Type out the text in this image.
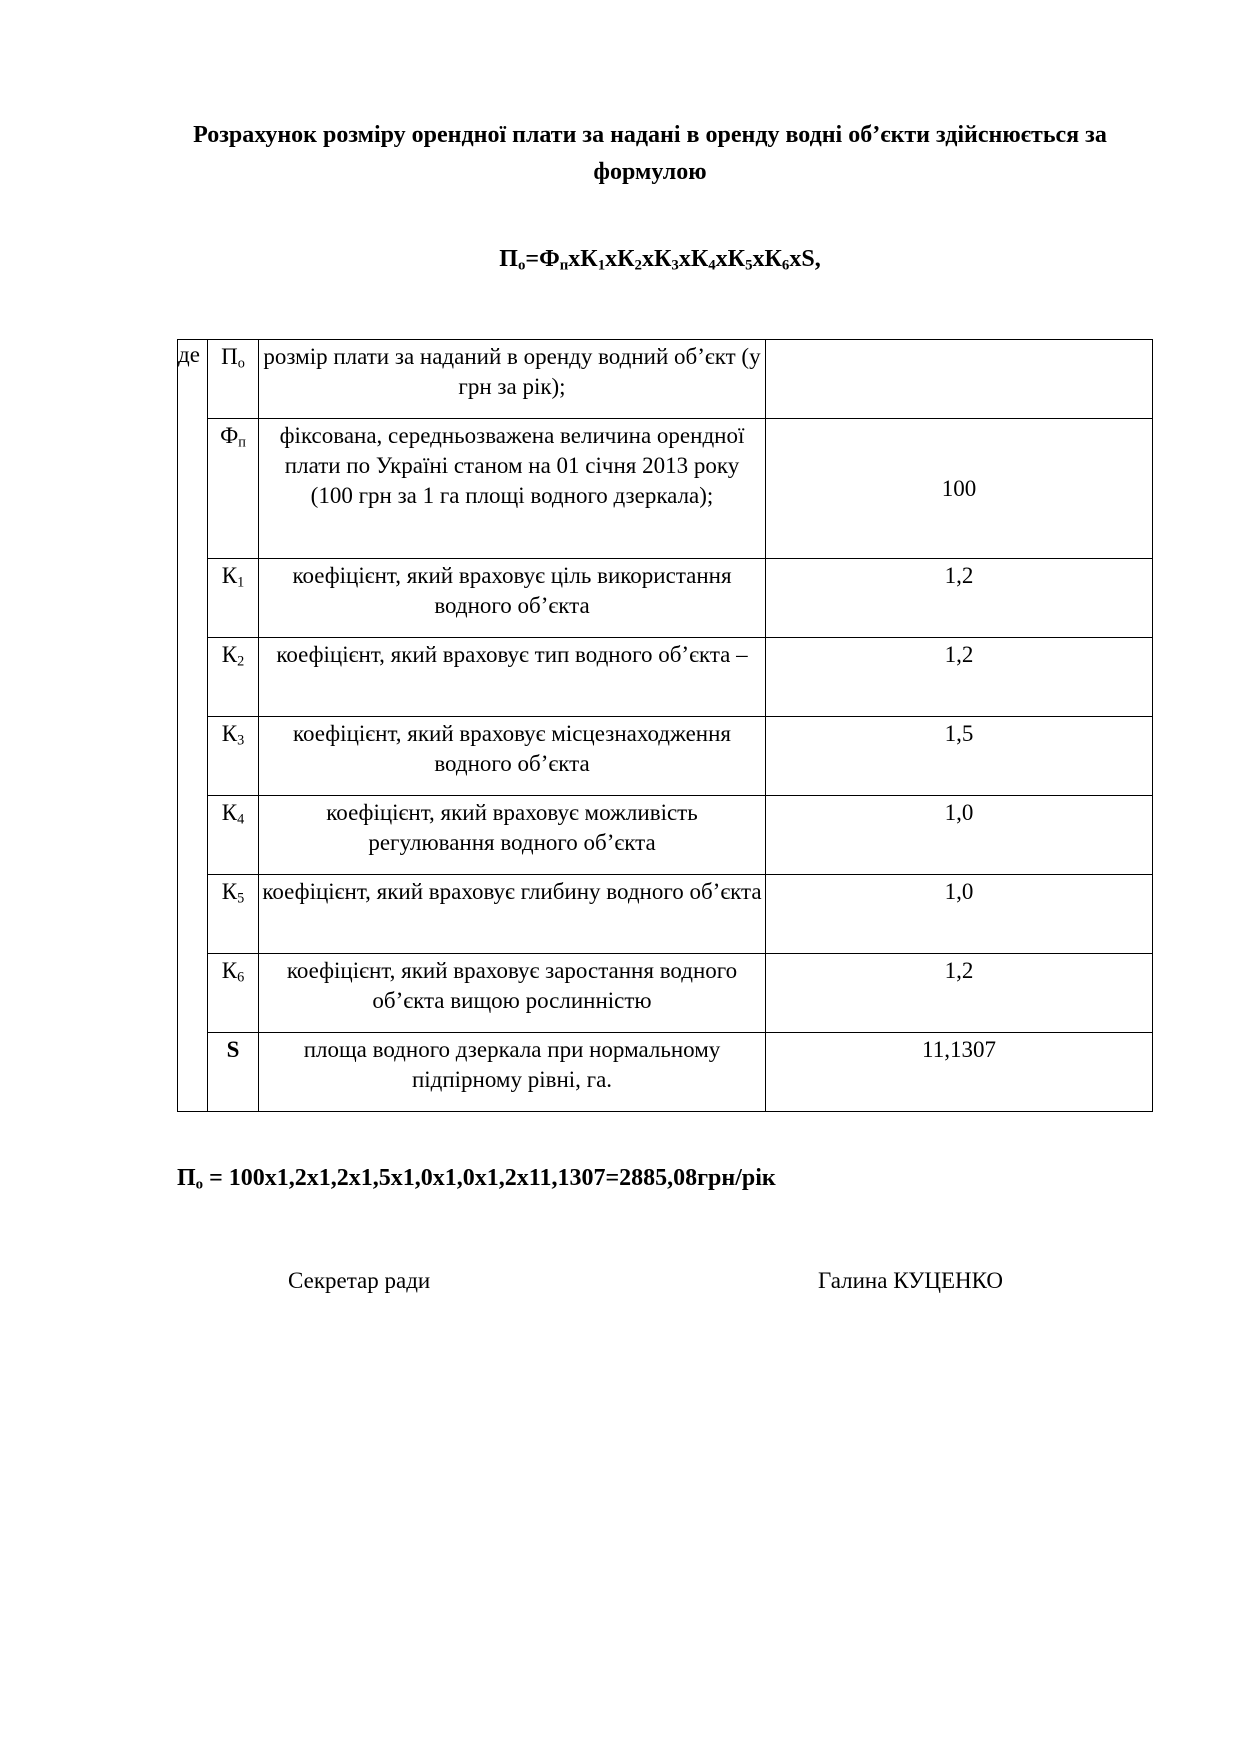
Розрахунок розміру орендної плати за надані в оренду водні об’єкти здійснюється за формулою
$П_о=Ф_пхК_1хК_2хК_3хК_4хК_5хК_6хS$,
де	$П_о$	розмір плати за наданий в оренду водний об’єкт (у грн за рік);	
	$Ф_п$	фіксована, середньозважена величина орендної плати по Україні станом на 01 січня 2013 року (100 грн за 1 га площі водного дзеркала);	100
	$К_1$	коефіцієнт, який враховує ціль використання водного об’єкта	1,2
	$К_2$	коефіцієнт, який враховує тип водного об’єкта –	1,2
	$К_3$	коефіцієнт, який враховує місцезнаходження водного об’єкта	1,5
	$К_4$	коефіцієнт, який враховує можливість регулювання водного об’єкта	1,0
	$К_5$	коефіцієнт, який враховує глибину водного об’єкта	1,0
	$К_6$	коефіцієнт, який враховує заростання водного об’єкта вищою рослинністю	1,2
	S	площа водного дзеркала при нормальному підпірному рівні, га.	11,1307
$П_о = 100х1,2х1,2х1,5х1,0х1,0х1,2х11,1307=2885,08грн/рік$
Секретар ради	Галина КУЦЕНКО
